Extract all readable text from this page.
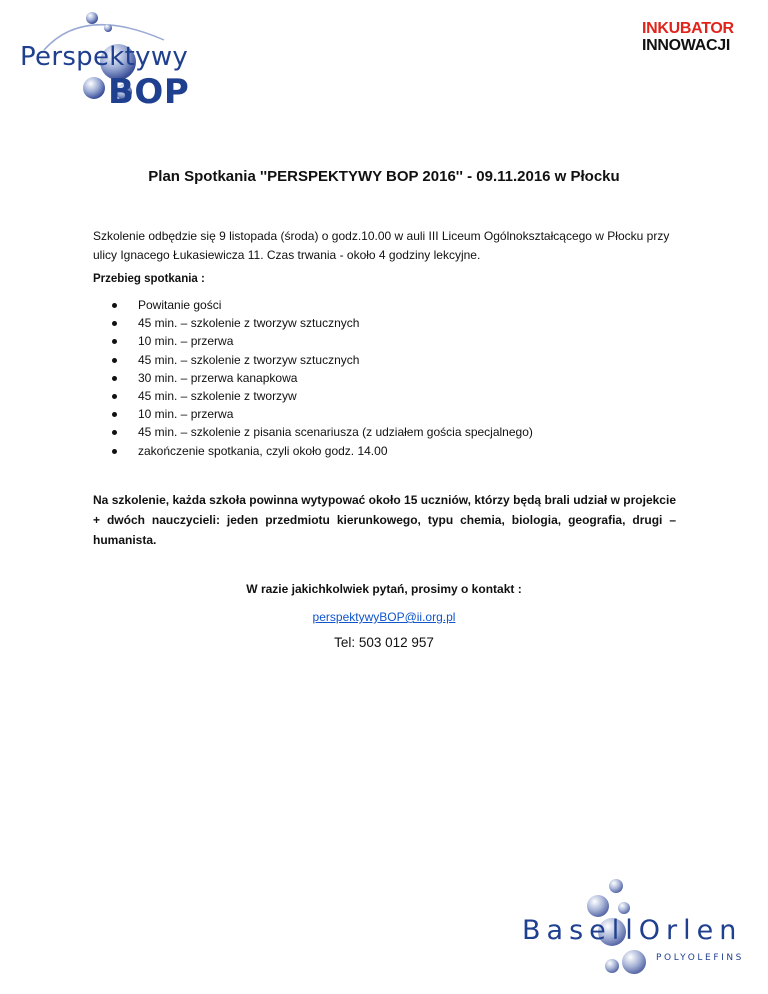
Perspektywy
BOP
INKUBATOR
INNOWACJI
Plan Spotkania ''PERSPEKTYWY BOP 2016'' - 09.11.2016 w Płocku
Szkolenie odbędzie się 9 listopada (środa) o godz.10.00 w auli III Liceum Ogólnokształcącego w Płocku przy ulicy Ignacego Łukasiewicza 11. Czas trwania - około 4 godziny lekcyjne.
Przebieg spotkania :
Powitanie gości
45 min. – szkolenie z tworzyw sztucznych
10 min. – przerwa
45 min. – szkolenie z tworzyw sztucznych
30 min. – przerwa kanapkowa
45 min. – szkolenie z tworzyw
10 min. – przerwa
45 min. – szkolenie z pisania scenariusza (z udziałem gościa specjalnego)
zakończenie spotkania, czyli około godz. 14.00
Na szkolenie, każda szkoła powinna wytypować około 15 uczniów, którzy będą brali udział w projekcie + dwóch nauczycieli: jeden przedmiotu kierunkowego, typu chemia, biologia, geografia, drugi – humanista.
W razie jakichkolwiek pytań, prosimy o kontakt :
perspektywyBOP@ii.org.pl
Tel: 503 012 957
BasellOrlen
POLYOLEFINS
